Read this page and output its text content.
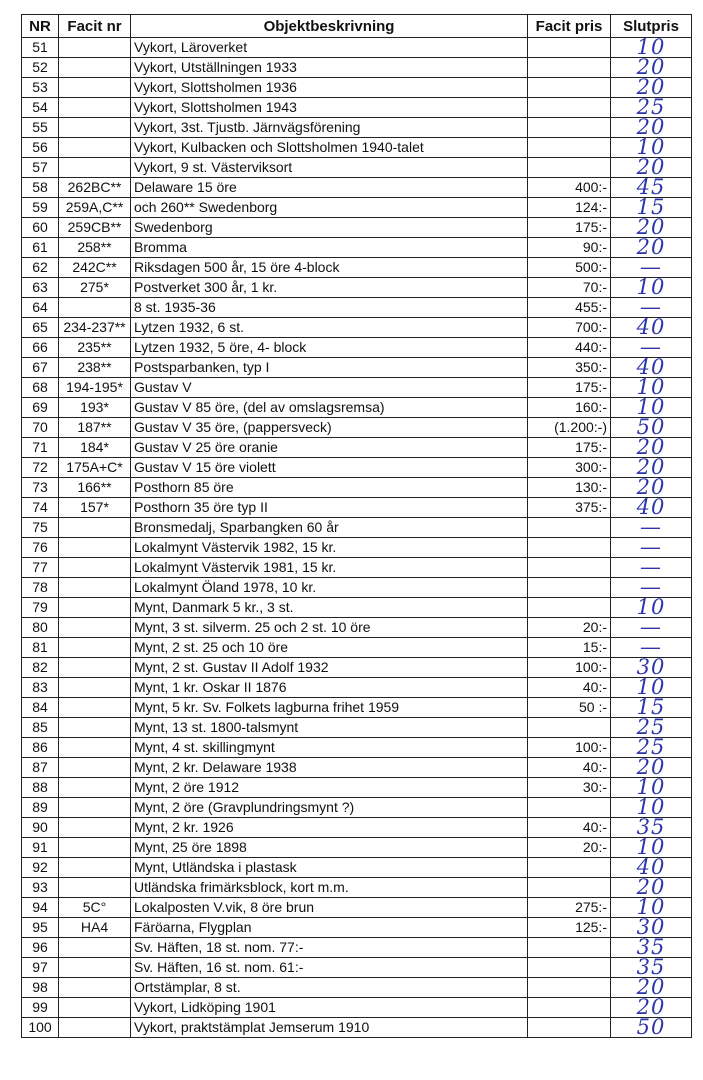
NR	Facit nr	Objektbeskrivning	Facit pris	Slutpris
51		Vykort, Läroverket		10
52		Vykort, Utställningen 1933		20
53		Vykort, Slottsholmen 1936		20
54		Vykort, Slottsholmen 1943		25
55		Vykort, 3st. Tjustb. Järnvägsförening		20
56		Vykort, Kulbacken och Slottsholmen 1940-talet		10
57		Vykort, 9 st. Västerviksort		20
58	262BC**	Delaware 15 öre	400:-	45
59	259A,C**	och 260** Swedenborg	124:-	15
60	259CB**	Swedenborg	175:-	20
61	258**	Bromma	90:-	20
62	242C**	Riksdagen 500 år, 15 öre 4-block	500:-	—
63	275*	Postverket 300 år, 1 kr.	70:-	10
64		8 st. 1935-36	455:-	—
65	234-237**	Lytzen 1932, 6 st.	700:-	40
66	235**	Lytzen 1932, 5 öre, 4- block	440:-	—
67	238**	Postsparbanken, typ I	350:-	40
68	194-195*	Gustav V	175:-	10
69	193*	Gustav V 85 öre, (del av omslagsremsa)	160:-	10
70	187**	Gustav V 35 öre, (pappersveck)	(1.200:-)	50
71	184*	Gustav V 25 öre oranie	175:-	20
72	175A+C*	Gustav V 15 öre violett	300:-	20
73	166**	Posthorn 85 öre	130:-	20
74	157*	Posthorn 35 öre typ II	375:-	40
75		Bronsmedalj, Sparbangken 60 år		—
76		Lokalmynt Västervik 1982, 15 kr.		—
77		Lokalmynt Västervik 1981, 15 kr.		—
78		Lokalmynt Öland 1978, 10 kr.		—
79		Mynt, Danmark 5 kr., 3 st.		10
80		Mynt, 3 st. silverm. 25 och 2 st. 10 öre	20:-	—
81		Mynt, 2 st. 25 och 10 öre	15:-	—
82		Mynt, 2 st. Gustav II Adolf 1932	100:-	30
83		Mynt, 1 kr. Oskar II 1876	40:-	10
84		Mynt, 5 kr. Sv. Folkets lagburna frihet 1959	50 :-	15
85		Mynt, 13 st. 1800-talsmynt		25
86		Mynt, 4 st. skillingmynt	100:-	25
87		Mynt, 2 kr. Delaware 1938	40:-	20
88		Mynt, 2 öre 1912	30:-	10
89		Mynt, 2 öre (Gravplundringsmynt ?)		10
90		Mynt, 2 kr. 1926	40:-	35
91		Mynt, 25 öre 1898	20:-	10
92		Mynt, Utländska i plastask		40
93		Utländska frimärksblock, kort m.m.		20
94	5C°	Lokalposten V.vik, 8 öre brun	275:-	10
95	HA4	Färöarna, Flygplan	125:-	30
96		Sv. Häften, 18 st. nom. 77:-		35
97		Sv. Häften, 16 st. nom. 61:-		35
98		Ortstämplar, 8 st.		20
99		Vykort, Lidköping 1901		20
100		Vykort, praktstämplat Jemserum 1910		50
